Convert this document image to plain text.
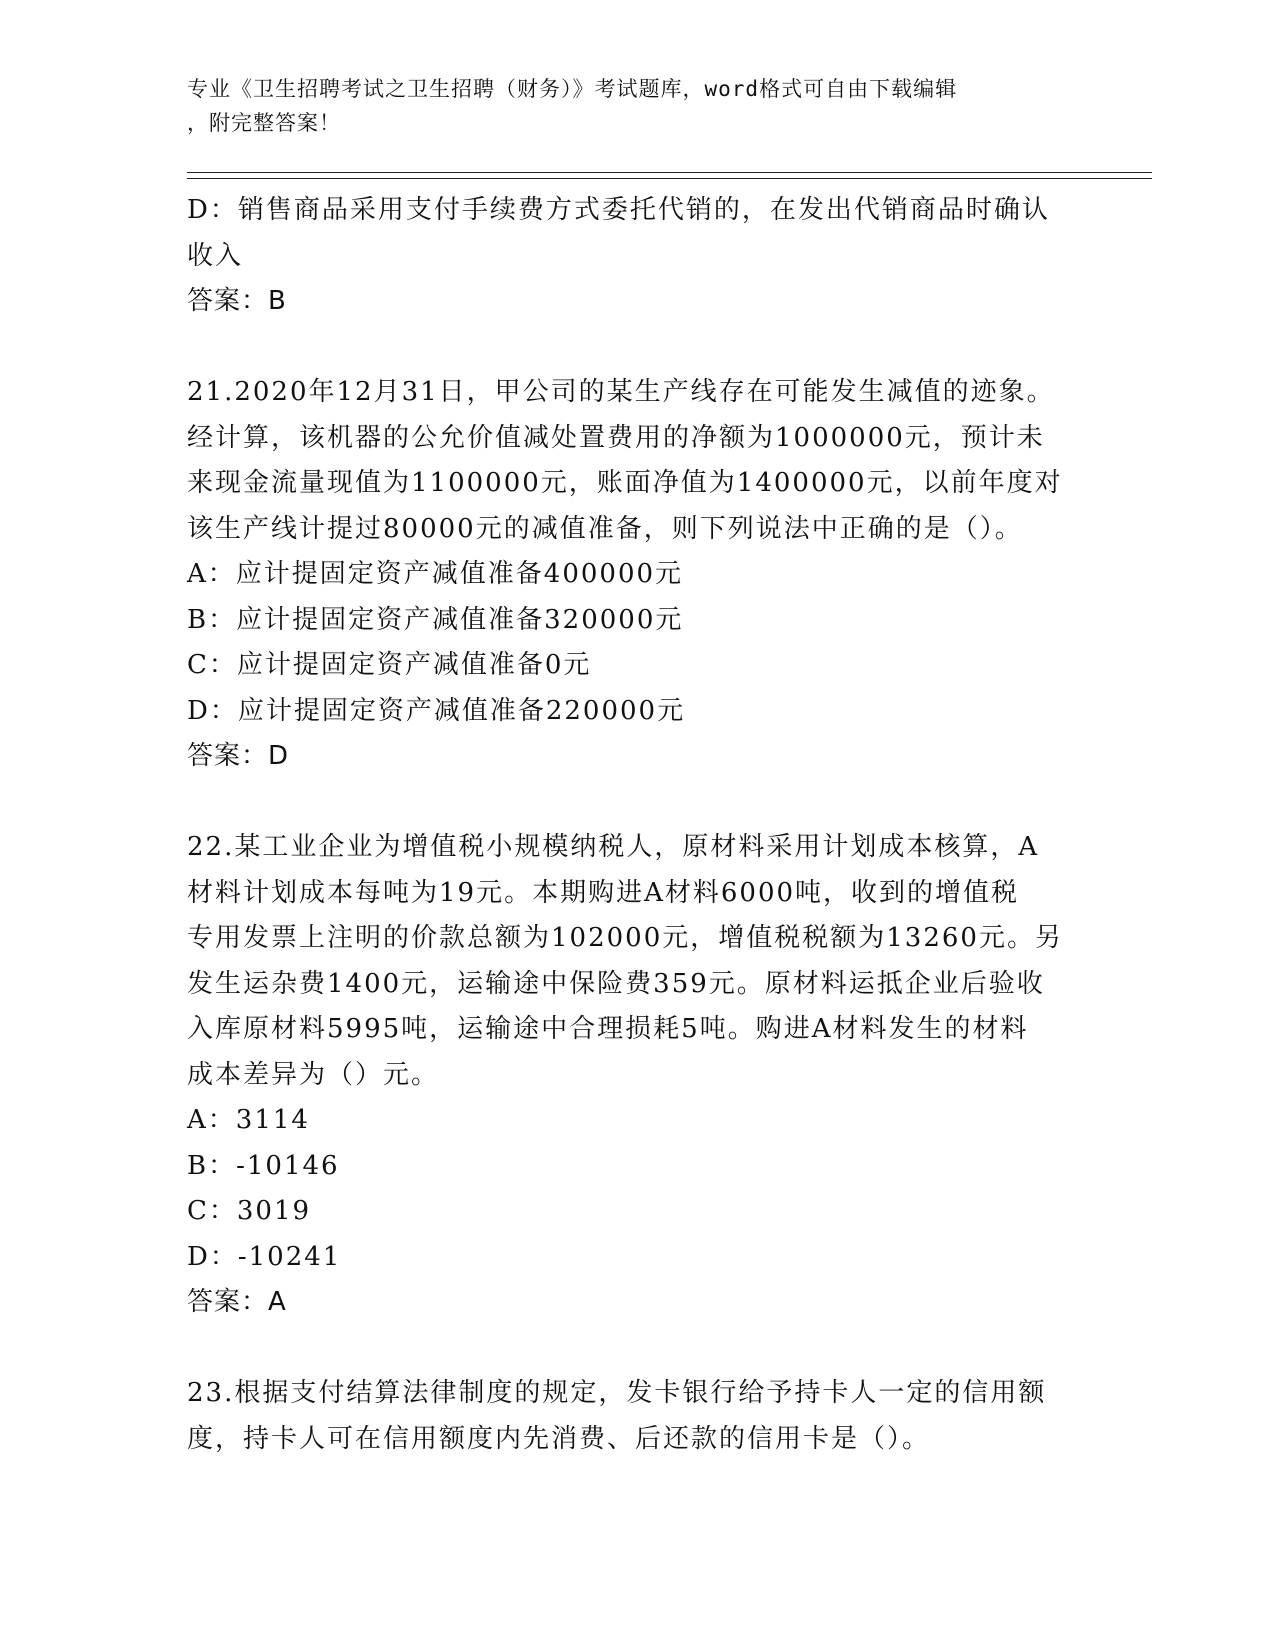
专业《卫生招聘考试之卫生招聘（财务）》考试题库，word格式可自由下载编辑
，附完整答案！
D：销售商品采用支付手续费方式委托代销的，在发出代销商品时确认
收入
答案：B
21.2020年12月31日，甲公司的某生产线存在可能发生减值的迹象。
经计算，该机器的公允价值减处置费用的净额为1000000元，预计未
来现金流量现值为1100000元，账面净值为1400000元，以前年度对
该生产线计提过80000元的减值准备，则下列说法中正确的是（）。
A：应计提固定资产减值准备400000元
B：应计提固定资产减值准备320000元
C：应计提固定资产减值准备0元
D：应计提固定资产减值准备220000元
答案：D
22.某工业企业为增值税小规模纳税人，原材料采用计划成本核算，A
材料计划成本每吨为19元。本期购进A材料6000吨，收到的增值税
专用发票上注明的价款总额为102000元，增值税税额为13260元。另
发生运杂费1400元，运输途中保险费359元。原材料运抵企业后验收
入库原材料5995吨，运输途中合理损耗5吨。购进A材料发生的材料
成本差异为（）元。
A：3114
B：-10146
C：3019
D：-10241
答案：A
23.根据支付结算法律制度的规定，发卡银行给予持卡人一定的信用额
度，持卡人可在信用额度内先消费、后还款的信用卡是（）。
